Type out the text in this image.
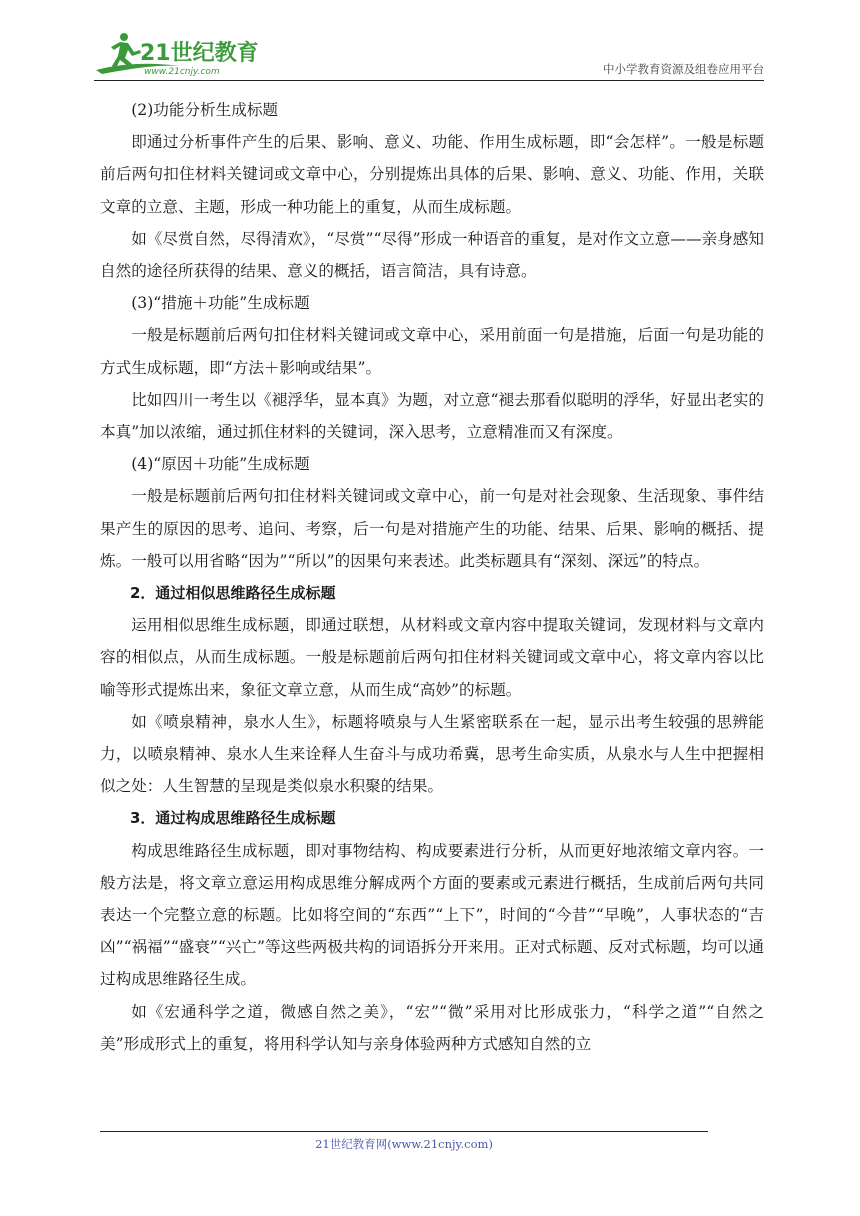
21世纪教育
www.21cnjy.com	中小学教育资源及组卷应用平台

(2)功能分析生成标题

即通过分析事件产生的后果、影响、意义、功能、作用生成标题，即“会怎样”。一般是标题前后两句扣住材料关键词或文章中心，分别提炼出具体的后果、影响、意义、功能、作用，关联文章的立意、主题，形成一种功能上的重复，从而生成标题。

如《尽赏自然，尽得清欢》，“尽赏”“尽得”形成一种语音的重复，是对作文立意——亲身感知自然的途径所获得的结果、意义的概括，语言简洁，具有诗意。

(3)“措施＋功能”生成标题

一般是标题前后两句扣住材料关键词或文章中心，采用前面一句是措施，后面一句是功能的方式生成标题，即“方法＋影响或结果”。

比如四川一考生以《褪浮华，显本真》为题，对立意“褪去那看似聪明的浮华，好显出老实的本真”加以浓缩，通过抓住材料的关键词，深入思考，立意精准而又有深度。

(4)“原因＋功能”生成标题

一般是标题前后两句扣住材料关键词或文章中心，前一句是对社会现象、生活现象、事件结果产生的原因的思考、追问、考察，后一句是对措施产生的功能、结果、后果、影响的概括、提炼。一般可以用省略“因为”“所以”的因果句来表述。此类标题具有“深刻、深远”的特点。

2．通过相似思维路径生成标题

运用相似思维生成标题，即通过联想，从材料或文章内容中提取关键词，发现材料与文章内容的相似点，从而生成标题。一般是标题前后两句扣住材料关键词或文章中心，将文章内容以比喻等形式提炼出来，象征文章立意，从而生成“高妙”的标题。

如《喷泉精神，泉水人生》，标题将喷泉与人生紧密联系在一起，显示出考生较强的思辨能力，以喷泉精神、泉水人生来诠释人生奋斗与成功希冀，思考生命实质，从泉水与人生中把握相似之处：人生智慧的呈现是类似泉水积聚的结果。

3．通过构成思维路径生成标题

构成思维路径生成标题，即对事物结构、构成要素进行分析，从而更好地浓缩文章内容。一般方法是，将文章立意运用构成思维分解成两个方面的要素或元素进行概括，生成前后两句共同表达一个完整立意的标题。比如将空间的“东西”“上下”，时间的“今昔”“早晚”，人事状态的“吉凶”“祸福”“盛衰”“兴亡”等这些两极共构的词语拆分开来用。正对式标题、反对式标题，均可以通过构成思维路径生成。

如《宏通科学之道，微感自然之美》，“宏”“微”采用对比形成张力，“科学之道”“自然之美”形成形式上的重复，将用科学认知与亲身体验两种方式感知自然的立

21世纪教育网(www.21cnjy.com)
